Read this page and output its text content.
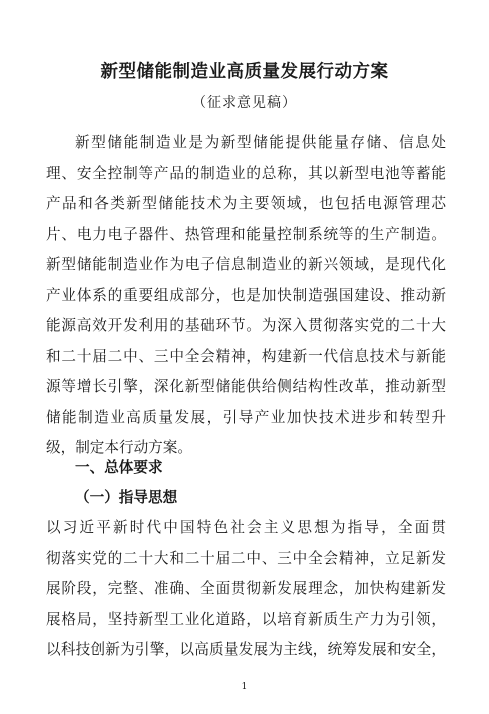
新型储能制造业高质量发展行动方案

（征求意见稿）

新型储能制造业是为新型储能提供能量存储、信息处
理、安全控制等产品的制造业的总称，其以新型电池等蓄能
产品和各类新型储能技术为主要领域，也包括电源管理芯
片、电力电子器件、热管理和能量控制系统等的生产制造。
新型储能制造业作为电子信息制造业的新兴领域，是现代化
产业体系的重要组成部分，也是加快制造强国建设、推动新
能源高效开发利用的基础环节。为深入贯彻落实党的二十大
和二十届二中、三中全会精神，构建新一代信息技术与新能
源等增长引擎，深化新型储能供给侧结构性改革，推动新型
储能制造业高质量发展，引导产业加快技术进步和转型升
级，制定本行动方案。
一、总体要求
（一）指导思想
以习近平新时代中国特色社会主义思想为指导，全面贯
彻落实党的二十大和二十届二中、三中全会精神，立足新发
展阶段，完整、准确、全面贯彻新发展理念，加快构建新发
展格局，坚持新型工业化道路，以培育新质生产力为引领，
以科技创新为引擎，以高质量发展为主线，统筹发展和安全，

1
